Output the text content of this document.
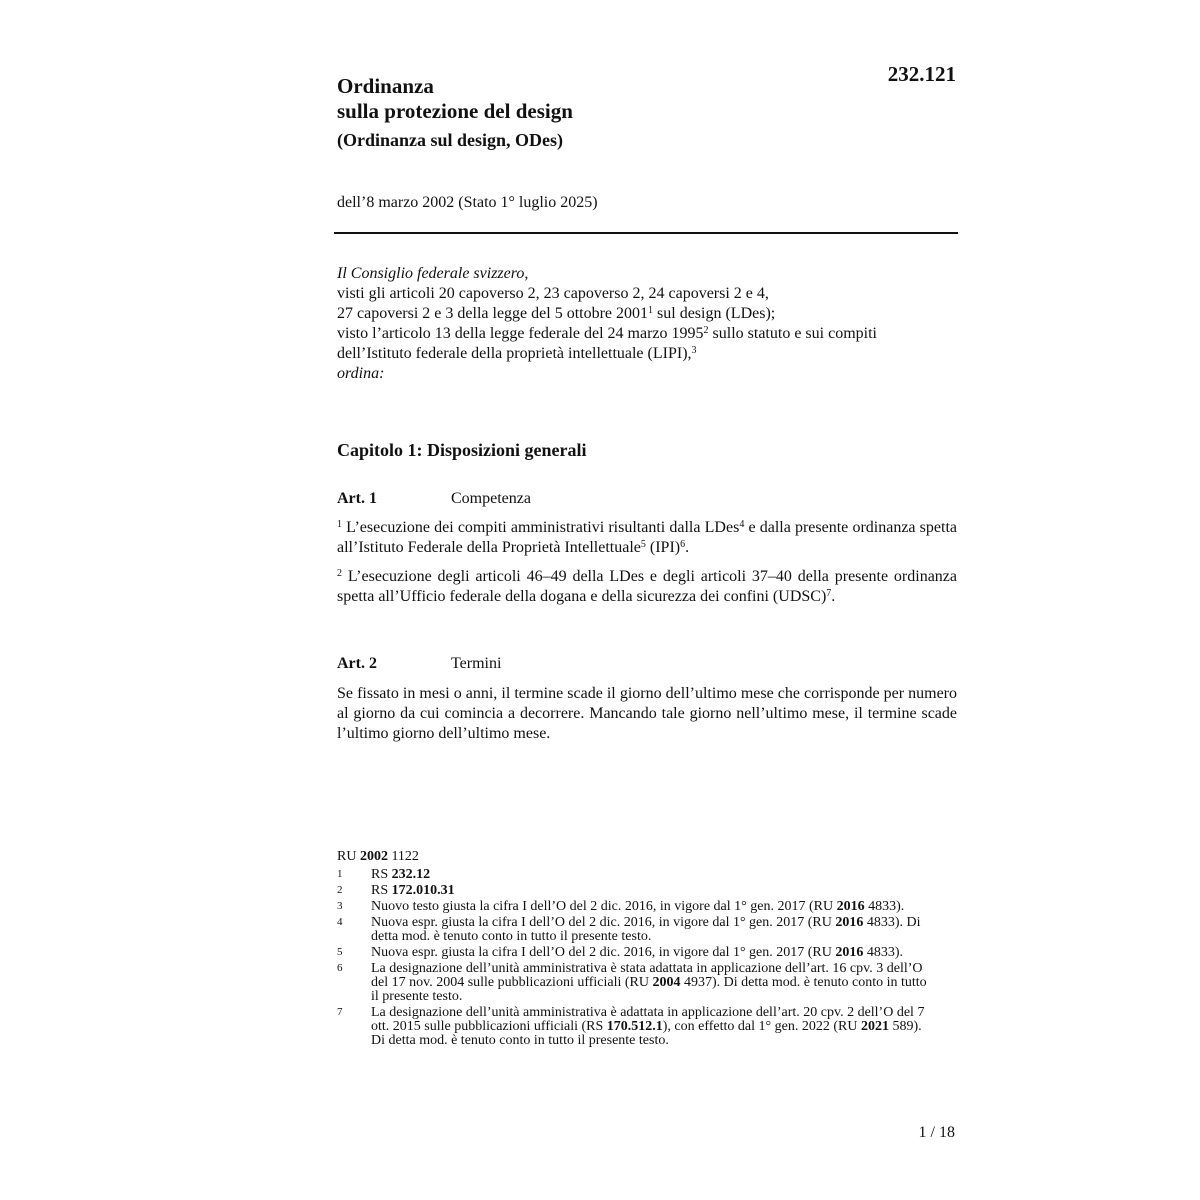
232.121
Ordinanza
sulla protezione del design
(Ordinanza sul design, ODes)
dell’8 marzo 2002 (Stato 1° luglio 2025)
Il Consiglio federale svizzero,
visti gli articoli 20 capoverso 2, 23 capoverso 2, 24 capoversi 2 e 4,
27 capoversi 2 e 3 della legge del 5 ottobre 2001$^1$ sul design (LDes);
visto l’articolo 13 della legge federale del 24 marzo 1995$^2$ sullo statuto e sui compiti
dell’Istituto federale della proprietà intellettuale (LIPI),$^3$
ordina:
Capitolo 1: Disposizioni generali
Art. 1	Competenza
$^1$ L’esecuzione dei compiti amministrativi risultanti dalla LDes$^4$ e dalla presente ordinanza spetta all’Istituto Federale della Proprietà Intellettuale$^5$ (IPI)$^6$.
$^2$ L’esecuzione degli articoli 46–49 della LDes e degli articoli 37–40 della presente ordinanza spetta all’Ufficio federale della dogana e della sicurezza dei confini (UDSC)$^7$.
Art. 2	Termini
Se fissato in mesi o anni, il termine scade il giorno dell’ultimo mese che corrisponde per numero al giorno da cui comincia a decorrere. Mancando tale giorno nell’ultimo mese, il termine scade l’ultimo giorno dell’ultimo mese.
RU 2002 1122
1	RS 232.12
2	RS 172.010.31
3	Nuovo testo giusta la cifra I dell’O del 2 dic. 2016, in vigore dal 1° gen. 2017 (RU 2016 4833).
4	Nuova espr. giusta la cifra I dell’O del 2 dic. 2016, in vigore dal 1° gen. 2017 (RU 2016 4833). Di detta mod. è tenuto conto in tutto il presente testo.
5	Nuova espr. giusta la cifra I dell’O del 2 dic. 2016, in vigore dal 1° gen. 2017 (RU 2016 4833).
6	La designazione dell’unità amministrativa è stata adattata in applicazione dell’art. 16 cpv. 3 dell’O del 17 nov. 2004 sulle pubblicazioni ufficiali (RU 2004 4937). Di detta mod. è tenuto conto in tutto il presente testo.
7	La designazione dell’unità amministrativa è adattata in applicazione dell’art. 20 cpv. 2 dell’O del 7 ott. 2015 sulle pubblicazioni ufficiali (RS 170.512.1), con effetto dal 1° gen. 2022 (RU 2021 589). Di detta mod. è tenuto conto in tutto il presente testo.
1 / 18
